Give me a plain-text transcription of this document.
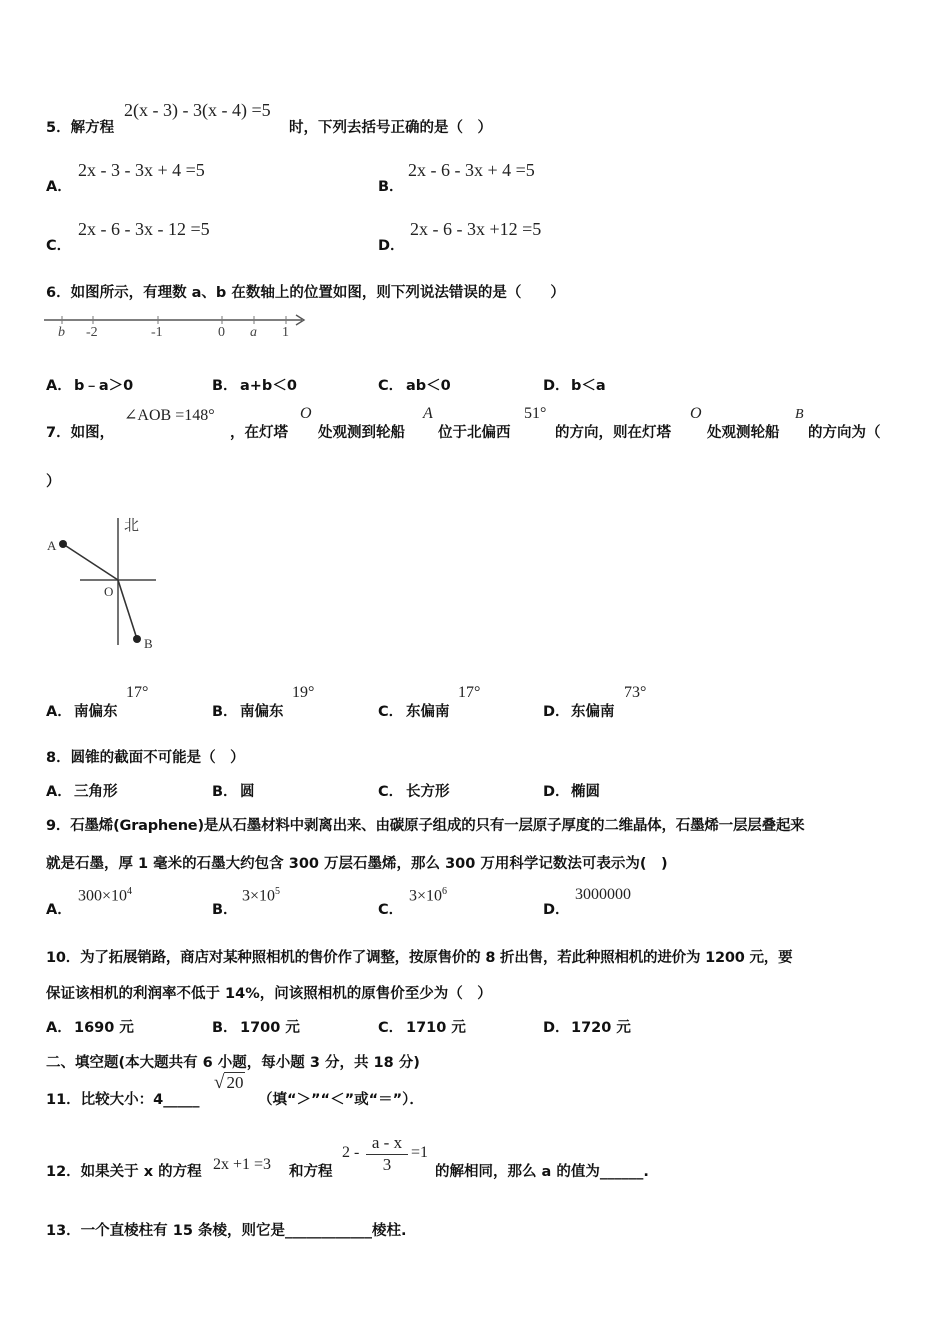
5．解方程
2(x - 3) - 3(x - 4) =5
时，下列去括号正确的是（　）
A．
2x - 3 - 3x + 4 =5
B．
2x - 6 - 3x + 4 =5
C．
2x - 6 - 3x - 12 =5
D．
2x - 6 - 3x +12 =5
6．如图所示，有理数 a、b 在数轴上的位置如图，则下列说法错误的是（　　）
b -2	-1	0 a 1
A． b﹣a＞0	B． a+b＜0	C． ab＜0	D． b＜a
7．如图，
∠AOB =148°
，在灯塔
O
处观测到轮船
A
位于北偏西
51°
的方向，则在灯塔
O
处观测轮船
B
的方向为（
）
北
A
O
B
A． 南偏东
17°
B． 南偏东
19°
C． 东偏南
17°
D． 东偏南
73°
8．圆锥的截面不可能是（　）
A． 三角形	B． 圆	C． 长方形	D． 椭圆
9．石墨烯(Graphene)是从石墨材料中剥离出来、由碳原子组成的只有一层原子厚度的二维晶体，石墨烯一层层叠起来
就是石墨，厚 1 毫米的石墨大约包含 300 万层石墨烯，那么 300 万用科学记数法可表示为(　)
A．
$300\times 10^4$
B．
$3\times 10^5$
C．
$3\times 10^6$
D．
3000000
10．为了拓展销路，商店对某种照相机的售价作了调整，按原售价的 8 折出售，若此种照相机的进价为 1200 元，要
保证该相机的利润率不低于 14%，问该照相机的原售价至少为（　）
A． 1690 元	B． 1700 元	C． 1710 元	D． 1720 元
二、填空题(本大题共有 6 小题，每小题 3 分，共 18 分)
11．比较大小：4_____
√ 20
（填“＞”“＜”或“＝”）．
12．如果关于 x 的方程 2x +1 =3 和方程
$2 - \frac{a - x}{3} =1$
的解相同，那么 a 的值为______.
13．一个直棱柱有 15 条棱，则它是____________棱柱.
